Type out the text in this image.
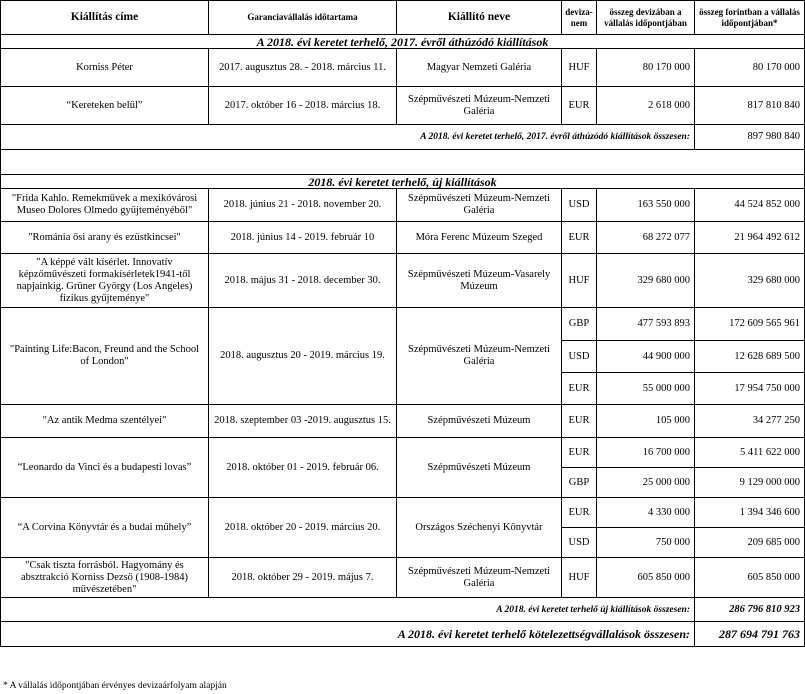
Kiállítás címe	Garanciavállalás időtartama	Kiállító neve	deviza-nem	összeg devizában a vállalás időpontjában	összeg forintban a vállalás időpontjában*
A 2018. évi keretet terhelő, 2017. évről áthúzódó kiállítások					
Korniss Péter	2017. augusztus 28. - 2018. március 11.	Magyar Nemzeti Galéria	HUF	80 170 000	80 170 000
“Kereteken belül”	2017. október 16 - 2018. március 18.	Szépművészeti Múzeum-Nemzeti Galéria	EUR	2 618 000	817 810 840
A 2018. évi keretet terhelő, 2017. évről áthúzódó kiállítások összesen:					897 980 840

2018. évi keretet terhelő, új kiállítások					
"Frida Kahlo. Remekművek a mexikóvárosi Museo Dolores Olmedo gyűjteményéből"	2018. június 21 - 2018. november 20.	Szépművészeti Múzeum-Nemzeti Galéria	USD	163 550 000	44 524 852 000
"Románia ősi arany és ezüstkincsei"	2018. június 14 - 2019. február 10	Móra Ferenc Múzeum Szeged	EUR	68 272 077	21 964 492 612
"A képpé vált kísérlet. Innovatív képzőművészeti formakísérletek1941-től napjainkig. Grüner György (Los Angeles) fizikus gyűjteménye"	2018. május 31 - 2018. december 30.	Szépművészeti Múzeum-Vasarely Múzeum	HUF	329 680 000	329 680 000
"Painting Life:Bacon, Freund and the School of London"	2018. augusztus 20 - 2019. március 19.	Szépművészeti Múzeum-Nemzeti Galéria	GBP	477 593 893	172 609 565 961
			USD	44 900 000	12 628 689 500
			EUR	55 000 000	17 954 750 000
"Az antik Medma szentélyei"	2018. szeptember 03 -2019. augusztus 15.	Szépművészeti Múzeum	EUR	105 000	34 277 250
“Leonardo da Vinci és a budapesti lovas”	2018. október 01 - 2019. február 06.	Szépművészeti Múzeum	EUR	16 700 000	5 411 622 000
			GBP	25 000 000	9 129 000 000
“A Corvina Könyvtár és a budai műhely”	2018. október 20 - 2019. március 20.	Országos Széchenyi Könyvtár	EUR	4 330 000	1 394 346 600
			USD	750 000	209 685 000
"Csak tiszta forrásból. Hagyomány és absztrakció Korniss Dezső (1908-1984) művészetében"	2018. október 29 - 2019. május 7.	Szépművészeti Múzeum-Nemzeti Galéria	HUF	605 850 000	605 850 000
A 2018. évi keretet terhelő új kiállítások összesen:					286 796 810 923
A 2018. évi keretet terhelő kötelezettségvállalások összesen:					287 694 791 763
* A vállalás időpontjában érvényes devizaárfolyam alapján
